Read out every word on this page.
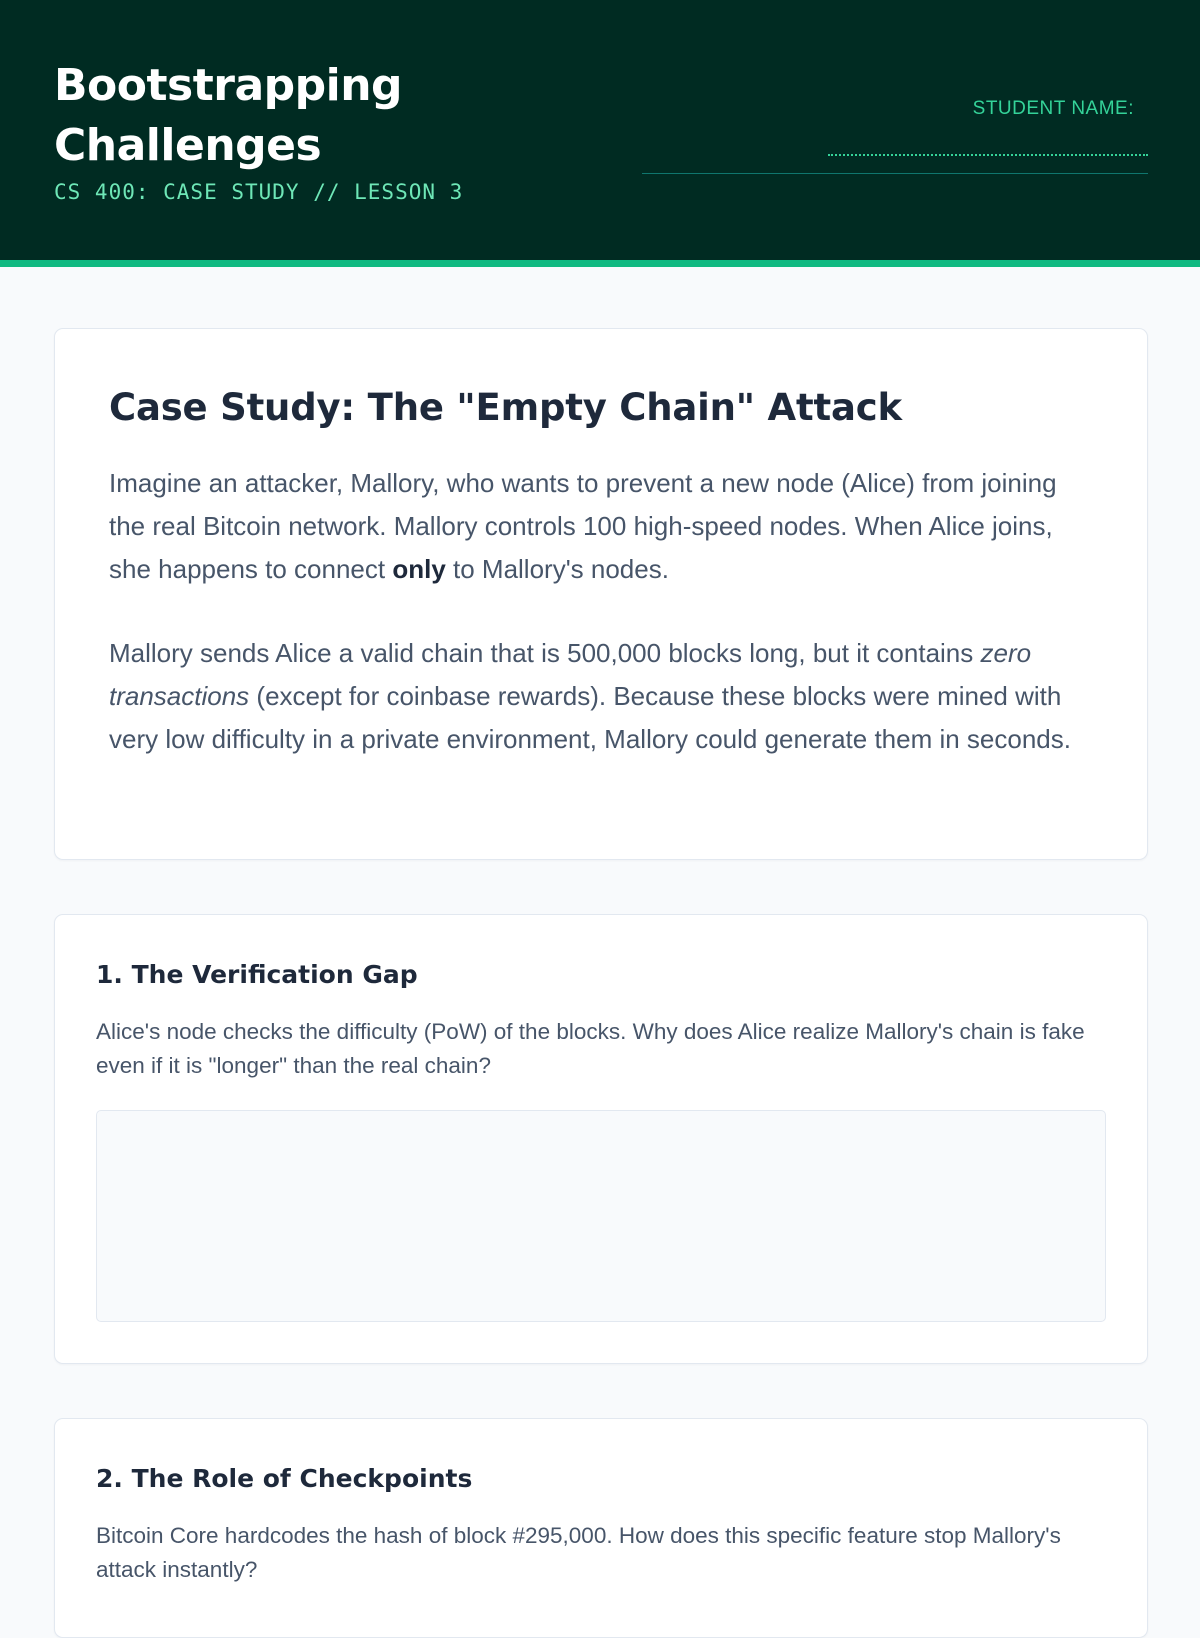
Bootstrapping
Challenges
CS 400: CASE STUDY // LESSON 3
STUDENT NAME:
Case Study: The "Empty Chain" Attack

Imagine an attacker, Mallory, who wants to prevent a new node (Alice) from joining the real Bitcoin network. Mallory controls 100 high-speed nodes. When Alice joins, she happens to connect only to Mallory's nodes.

Mallory sends Alice a valid chain that is 500,000 blocks long, but it contains zero transactions (except for coinbase rewards). Because these blocks were mined with very low difficulty in a private environment, Mallory could generate them in seconds.

1. The Verification Gap

Alice's node checks the difficulty (PoW) of the blocks. Why does Alice realize Mallory's chain is fake even if it is "longer" than the real chain?

2. The Role of Checkpoints

Bitcoin Core hardcodes the hash of block #295,000. How does this specific feature stop Mallory's attack instantly?
